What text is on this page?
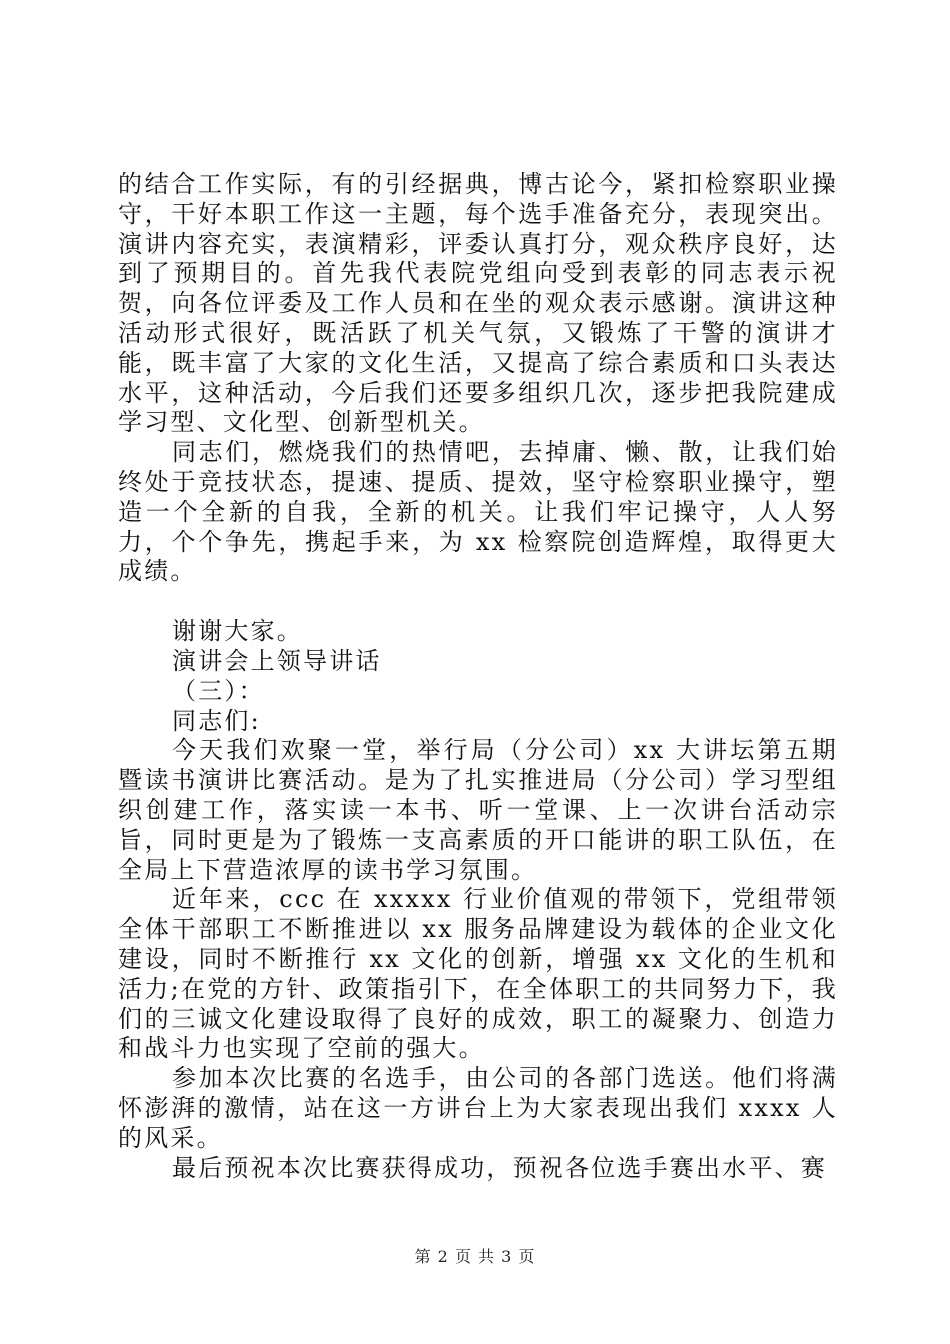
的结合工作实际，有的引经据典，博古论今，紧扣检察职业操守，干好本职工作这一主题，每个选手准备充分，表现突出。演讲内容充实，表演精彩，评委认真打分，观众秩序良好，达到了预期目的。首先我代表院党组向受到表彰的同志表示祝贺，向各位评委及工作人员和在坐的观众表示感谢。演讲这种活动形式很好，既活跃了机关气氛，又锻炼了干警的演讲才能，既丰富了大家的文化生活，又提高了综合素质和口头表达水平，这种活动，今后我们还要多组织几次，逐步把我院建成学习型、文化型、创新型机关。

同志们，燃烧我们的热情吧，去掉庸、懒、散，让我们始终处于竞技状态，提速、提质、提效，坚守检察职业操守，塑造一个全新的自我，全新的机关。让我们牢记操守，人人努力，个个争先，携起手来，为 xx 检察院创造辉煌，取得更大成绩。

谢谢大家。

演讲会上领导讲话

（三）：

同志们:

今天我们欢聚一堂，举行局（分公司）xx 大讲坛第五期暨读书演讲比赛活动。是为了扎实推进局（分公司）学习型组织创建工作，落实读一本书、听一堂课、上一次讲台活动宗旨，同时更是为了锻炼一支高素质的开口能讲的职工队伍，在全局上下营造浓厚的读书学习氛围。

近年来，ccc 在 xxxxx 行业价值观的带领下，党组带领全体干部职工不断推进以 xx 服务品牌建设为载体的企业文化建设，同时不断推行 xx 文化的创新，增强 xx 文化的生机和活力;在党的方针、政策指引下，在全体职工的共同努力下，我们的三诚文化建设取得了良好的成效，职工的凝聚力、创造力和战斗力也实现了空前的强大。

参加本次比赛的名选手，由公司的各部门选送。他们将满怀澎湃的激情，站在这一方讲台上为大家表现出我们 xxxx 人的风采。

最后预祝本次比赛获得成功，预祝各位选手赛出水平、赛

第 2 页 共 3 页
